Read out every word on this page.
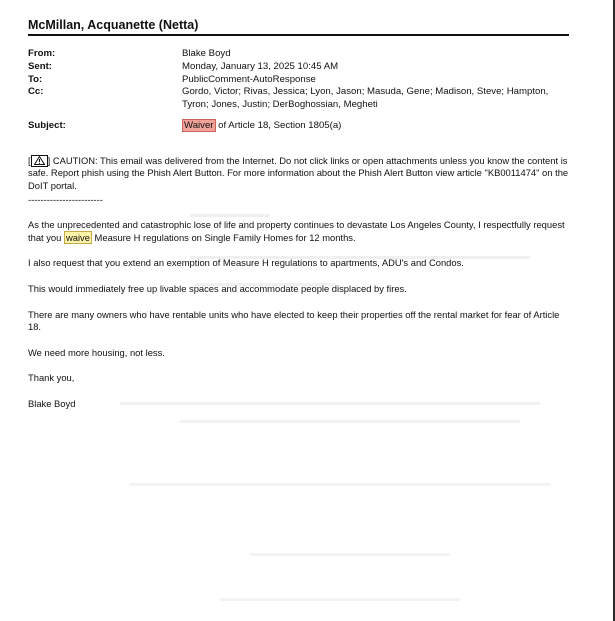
McMillan, Acquanette (Netta)
From:	Blake Boyd
Sent:	Monday, January 13, 2025 10:45 AM
To:	PublicComment-AutoResponse
Cc:	Gordo, Victor; Rivas, Jessica; Lyon, Jason; Masuda, Gene; Madison, Steve; Hampton, Tyron; Jones, Justin; DerBoghossian, Megheti
Subject:	Waiver of Article 18, Section 1805(a)

[ ] CAUTION: This email was delivered from the Internet. Do not click links or open attachments unless you know the content is safe. Report phish using the Phish Alert Button. For more information about the Phish Alert Button view article "KB0011474" on the DoIT portal.

------------------------

As the unprecedented and catastrophic lose of life and property continues to devastate Los Angeles County, I respectfully request that you waive Measure H regulations on Single Family Homes for 12 months.

I also request that you extend an exemption of Measure H regulations to apartments, ADU's and Condos.

This would immediately free up livable spaces and accommodate people displaced by fires.

There are many owners who have rentable units who have elected to keep their properties off the rental market for fear of Article 18.

We need more housing, not less.

Thank you,

Blake Boyd
